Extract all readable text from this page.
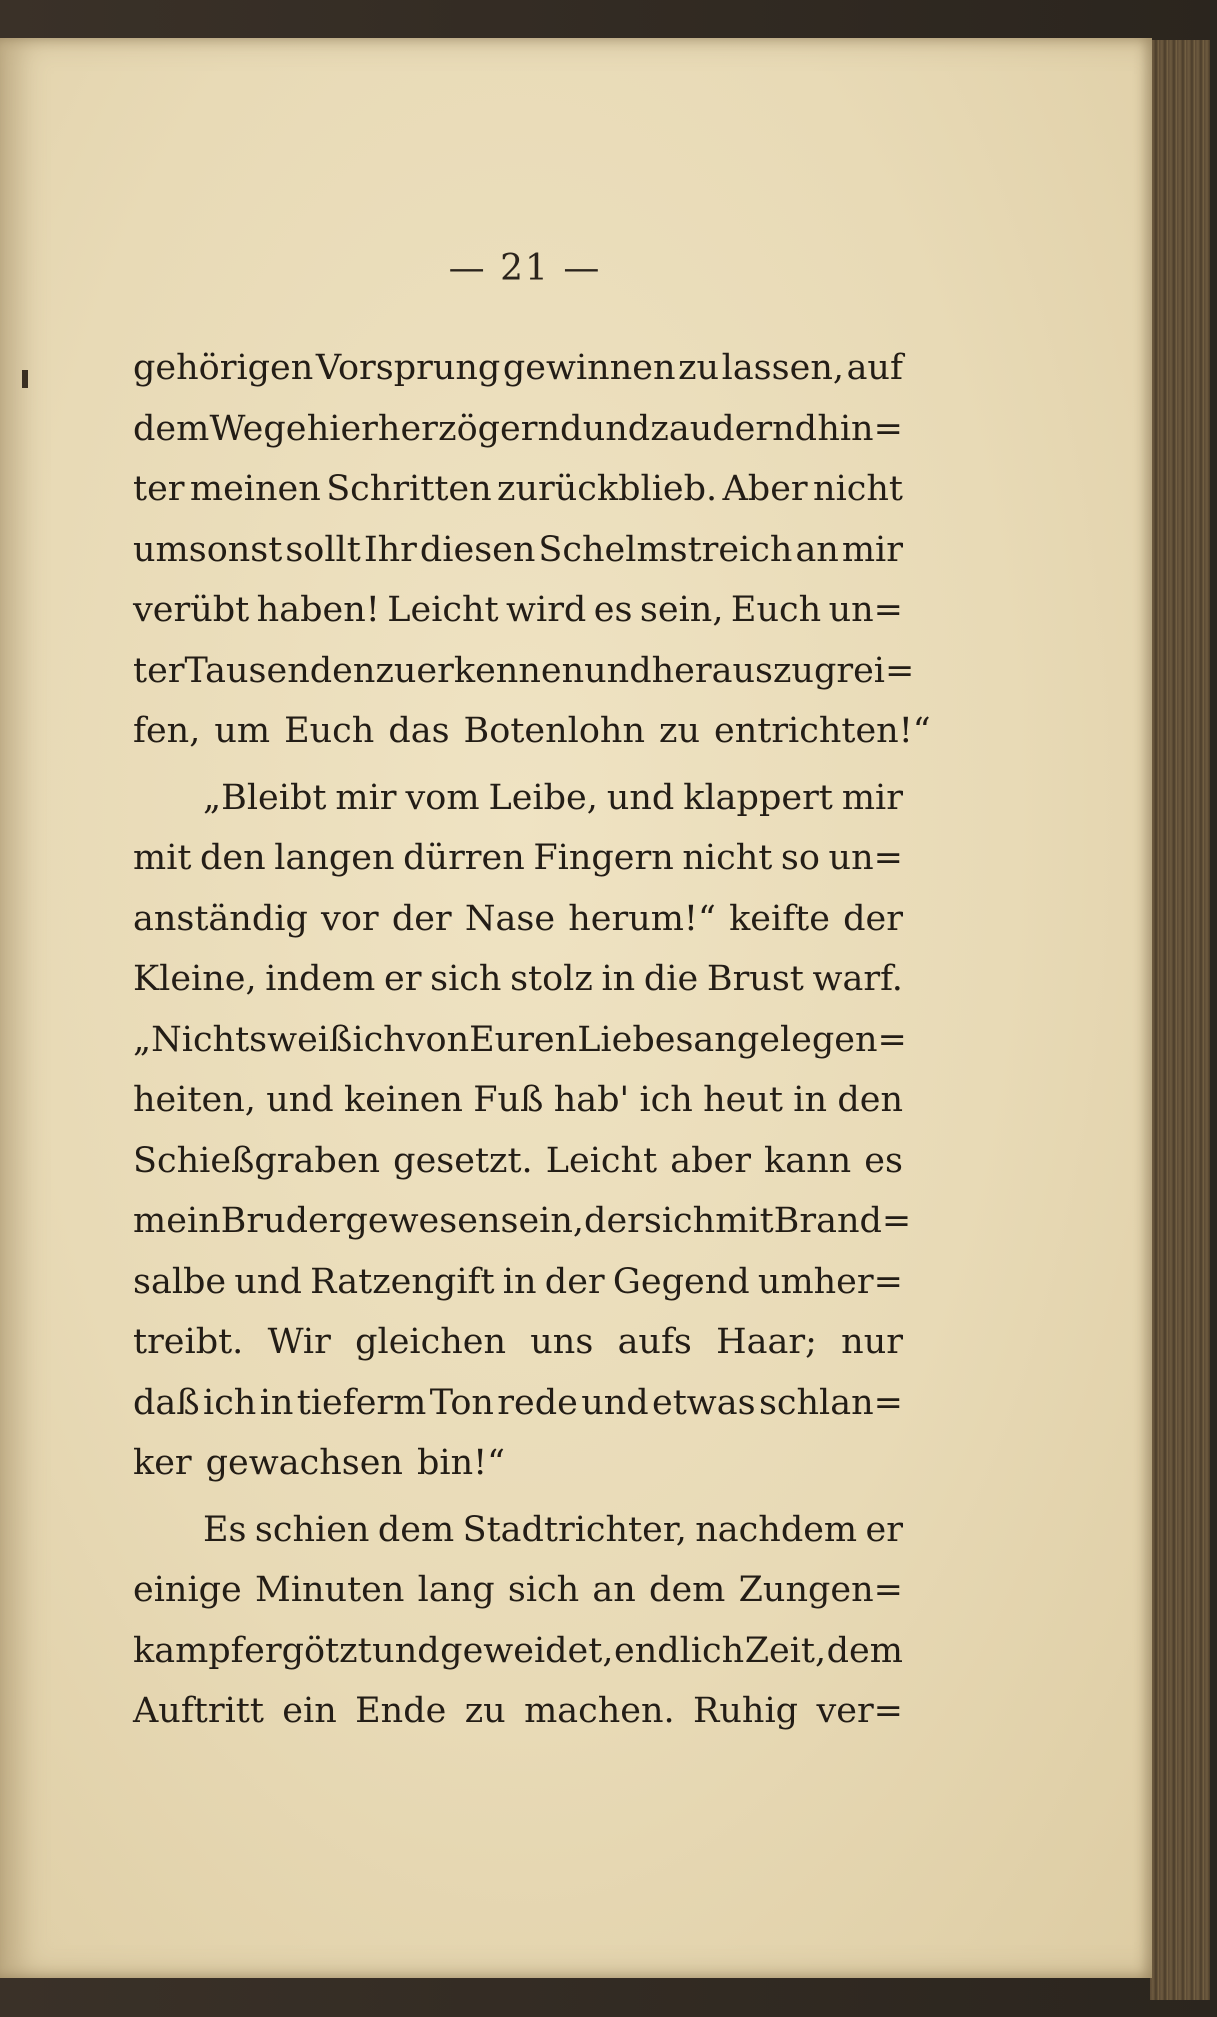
— 21 —
gehörigen Vorsprung gewinnen zu lassen, auf
dem Wege hierher zögernd und zaudernd hin=
ter meinen Schritten zurückblieb. Aber nicht
umsonst sollt Ihr diesen Schelmstreich an mir
verübt haben! Leicht wird es sein, Euch un=
ter Tausenden zu erkennen und herauszugrei=
fen, um Euch das Botenlohn zu entrichten!“
„Bleibt mir vom Leibe, und klappert mir
mit den langen dürren Fingern nicht so un=
anständig vor der Nase herum!“ keifte der
Kleine, indem er sich stolz in die Brust warf.
„Nichts weiß ich von Euren Liebesangelegen=
heiten, und keinen Fuß hab' ich heut in den
Schießgraben gesetzt. Leicht aber kann es
mein Bruder gewesen sein, der sich mit Brand=
salbe und Ratzengift in der Gegend umher=
treibt. Wir gleichen uns aufs Haar; nur
daß ich in tieferm Ton rede und etwas schlan=
ker gewachsen bin!“
Es schien dem Stadtrichter, nachdem er
einige Minuten lang sich an dem Zungen=
kampf ergötzt und geweidet, endlich Zeit, dem
Auftritt ein Ende zu machen. Ruhig ver=
